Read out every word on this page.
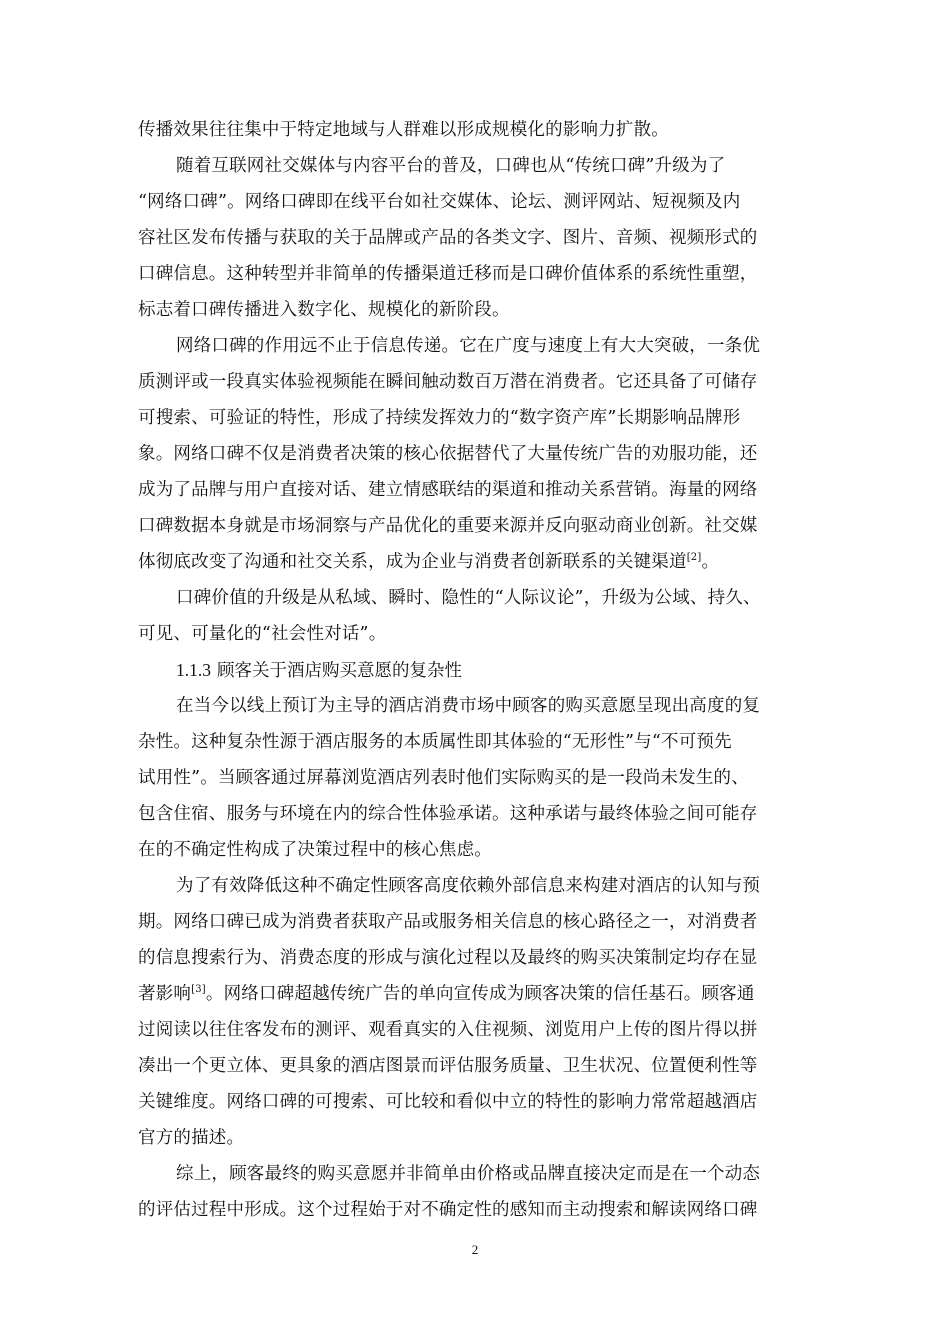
传播效果往往集中于特定地域与人群难以形成规模化的影响力扩散。
随着互联网社交媒体与内容平台的普及，口碑也从“传统口碑”升级为了
“网络口碑”。网络口碑即在线平台如社交媒体、论坛、测评网站、短视频及内
容社区发布传播与获取的关于品牌或产品的各类文字、图片、音频、视频形式的
口碑信息。这种转型并非简单的传播渠道迁移而是口碑价值体系的系统性重塑，
标志着口碑传播进入数字化、规模化的新阶段。
网络口碑的作用远不止于信息传递。它在广度与速度上有大大突破，一条优
质测评或一段真实体验视频能在瞬间触动数百万潜在消费者。它还具备了可储存
可搜索、可验证的特性，形成了持续发挥效力的“数字资产库”长期影响品牌形
象。网络口碑不仅是消费者决策的核心依据替代了大量传统广告的劝服功能，还
成为了品牌与用户直接对话、建立情感联结的渠道和推动关系营销。海量的网络
口碑数据本身就是市场洞察与产品优化的重要来源并反向驱动商业创新。社交媒
体彻底改变了沟通和社交关系，成为企业与消费者创新联系的关键渠道[2]。
口碑价值的升级是从私域、瞬时、隐性的“人际议论”，升级为公域、持久、
可见、可量化的“社会性对话”。
1.1.3 顾客关于酒店购买意愿的复杂性
在当今以线上预订为主导的酒店消费市场中顾客的购买意愿呈现出高度的复
杂性。这种复杂性源于酒店服务的本质属性即其体验的“无形性”与“不可预先
试用性”。当顾客通过屏幕浏览酒店列表时他们实际购买的是一段尚未发生的、
包含住宿、服务与环境在内的综合性体验承诺。这种承诺与最终体验之间可能存
在的不确定性构成了决策过程中的核心焦虑。
为了有效降低这种不确定性顾客高度依赖外部信息来构建对酒店的认知与预
期。网络口碑已成为消费者获取产品或服务相关信息的核心路径之一，对消费者
的信息搜索行为、消费态度的形成与演化过程以及最终的购买决策制定均存在显
著影响[3]。网络口碑超越传统广告的单向宣传成为顾客决策的信任基石。顾客通
过阅读以往住客发布的测评、观看真实的入住视频、浏览用户上传的图片得以拼
凑出一个更立体、更具象的酒店图景而评估服务质量、卫生状况、位置便利性等
关键维度。网络口碑的可搜索、可比较和看似中立的特性的影响力常常超越酒店
官方的描述。
综上，顾客最终的购买意愿并非简单由价格或品牌直接决定而是在一个动态
的评估过程中形成。这个过程始于对不确定性的感知而主动搜索和解读网络口碑
2
